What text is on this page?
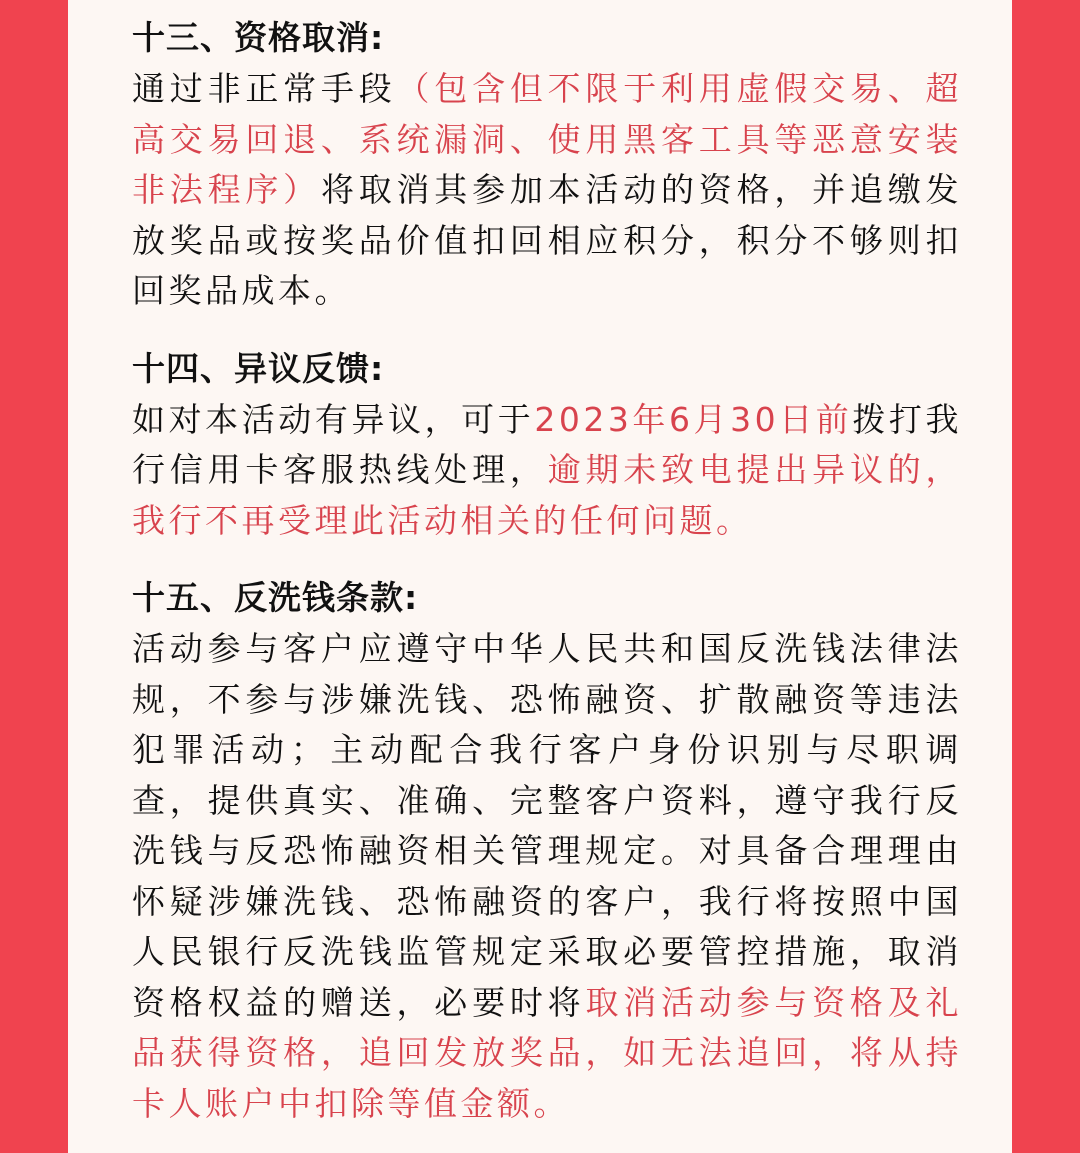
十三、资格取消:
通过非正常手段（包含但不限于利用虚假交易、超高交易回退、系统漏洞、使用黑客工具等恶意安装非法程序）将取消其参加本活动的资格，并追缴发放奖品或按奖品价值扣回相应积分，积分不够则扣回奖品成本。
十四、异议反馈:
如对本活动有异议，可于2023年6月30日前拨打我行信用卡客服热线处理，逾期未致电提出异议的，我行不再受理此活动相关的任何问题。
十五、反洗钱条款:
活动参与客户应遵守中华人民共和国反洗钱法律法规，不参与涉嫌洗钱、恐怖融资、扩散融资等违法犯罪活动；主动配合我行客户身份识别与尽职调查，提供真实、准确、完整客户资料，遵守我行反洗钱与反恐怖融资相关管理规定。对具备合理理由怀疑涉嫌洗钱、恐怖融资的客户，我行将按照中国人民银行反洗钱监管规定采取必要管控措施，取消资格权益的赠送，必要时将取消活动参与资格及礼品获得资格，追回发放奖品，如无法追回，将从持卡人账户中扣除等值金额。
